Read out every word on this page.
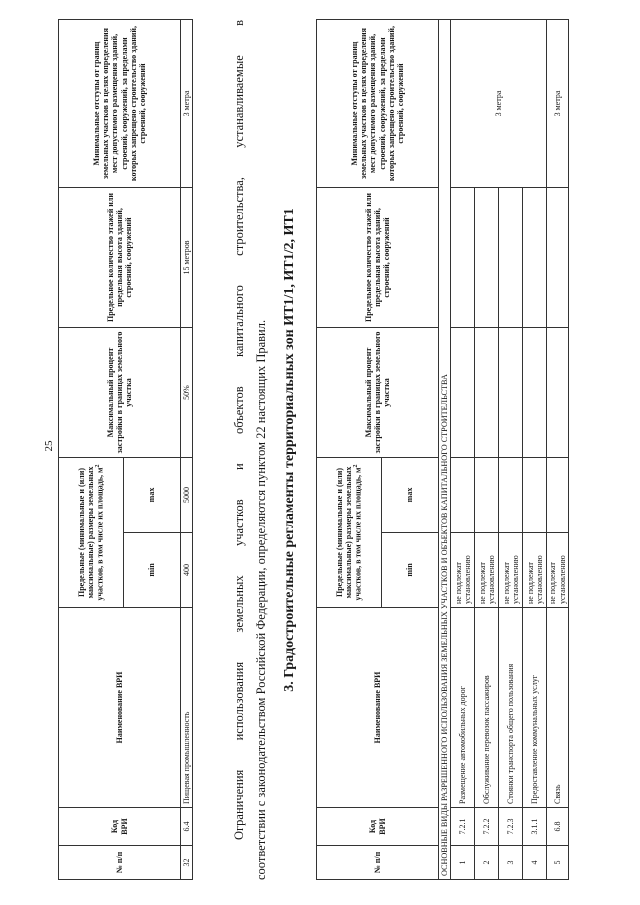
25
№ п/п	Код ВРИ	Наименование ВРИ	Предельные (минимальные и (или) максимальные) размеры земельных участков, в том числе их площадь, $м^2$		Максимальный процент застройки в границах земельного участка	Предельное количество этажей или предельная высота зданий, строений, сооружений	Минимальные отступы от границ земельных участков в целях определения мест допустимого размещения зданий, строений, сооружений, за пределами которых запрещено строительство зданий, строений, сооружений
			min	max			
32	6.4	Пищевая промышленность	400	5000	50%	15 метров	3 метра	Ограничения использования земельных участков и объектов капитального строительства, устанавливаемые в соответствии с законодательством Российской Федерации, определяются пунктом 22 настоящих Правил. 3. Градостроительные регламенты территориальных зон ИТ1/1, ИТ1/2, ИТ1
№ п/п	Код ВРИ	Наименование ВРИ	Предельные (минимальные и (или) максимальные) размеры земельных участков, в том числе их площадь, $м^2$		Максимальный процент застройки в границах земельного участка	Предельное количество этажей или предельная высота зданий, строений, сооружений	Минимальные отступы от границ земельных участков в целях определения мест допустимого размещения зданий, строений, сооружений, за пределами которых запрещено строительство зданий, строений, сооружений
			min	max			
ОСНОВНЫЕ ВИДЫ РАЗРЕШЕННОГО ИСПОЛЬЗОВАНИЯ ЗЕМЕЛЬНЫХ УЧАСТКОВ И ОБЪЕКТОВ КАПИТАЛЬНОГО СТРОИТЕЛЬСТВА							
1	7.2.1	Размещение автомобильных дорог	не подлежат установлению				3 метра
2	7.2.2	Обслуживание перевозок пассажиров	не подлежат установлению				
3	7.2.3	Стоянки транспорта общего пользования	не подлежат установлению				
4	3.1.1	Предоставление коммунальных услуг	не подлежат установлению				
5	6.8	Связь	не подлежат установлению				3 метра
